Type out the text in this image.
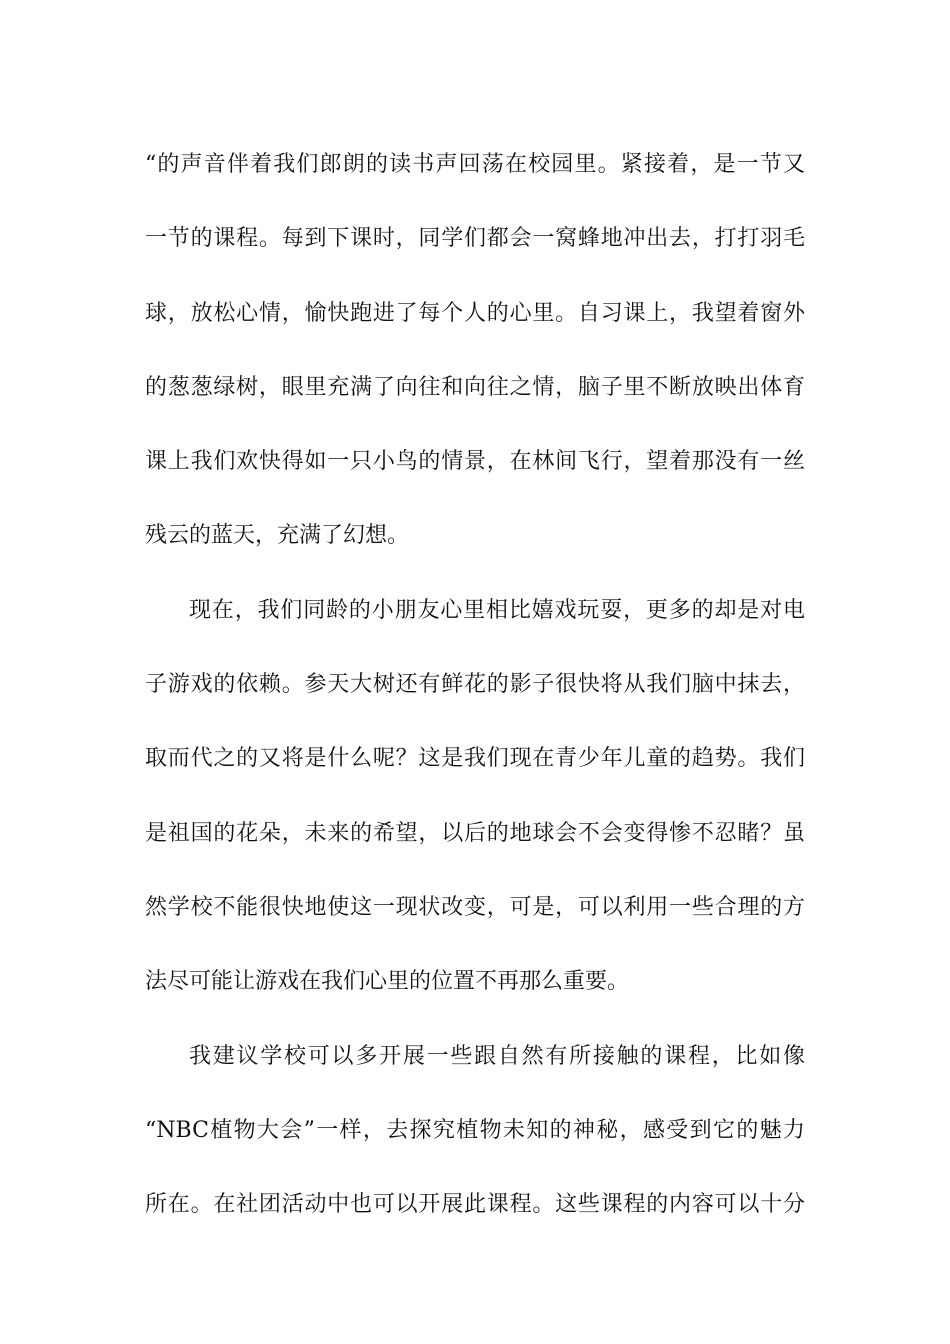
“的声音伴着我们郎朗的读书声回荡在校园里。紧接着，是一节又
一节的课程。每到下课时，同学们都会一窝蜂地冲出去，打打羽毛
球，放松心情，愉快跑进了每个人的心里。自习课上，我望着窗外
的葱葱绿树，眼里充满了向往和向往之情，脑子里不断放映出体育
课上我们欢快得如一只小鸟的情景，在林间飞行，望着那没有一丝
残云的蓝天，充满了幻想。
现在，我们同龄的小朋友心里相比嬉戏玩耍，更多的却是对电
子游戏的依赖。参天大树还有鲜花的影子很快将从我们脑中抹去，
取而代之的又将是什么呢？这是我们现在青少年儿童的趋势。我们
是祖国的花朵，未来的希望，以后的地球会不会变得惨不忍睹？虽
然学校不能很快地使这一现状改变，可是，可以利用一些合理的方
法尽可能让游戏在我们心里的位置不再那么重要。
我建议学校可以多开展一些跟自然有所接触的课程，比如像
“NBC植物大会”一样，去探究植物未知的神秘，感受到它的魅力
所在。在社团活动中也可以开展此课程。这些课程的内容可以十分
